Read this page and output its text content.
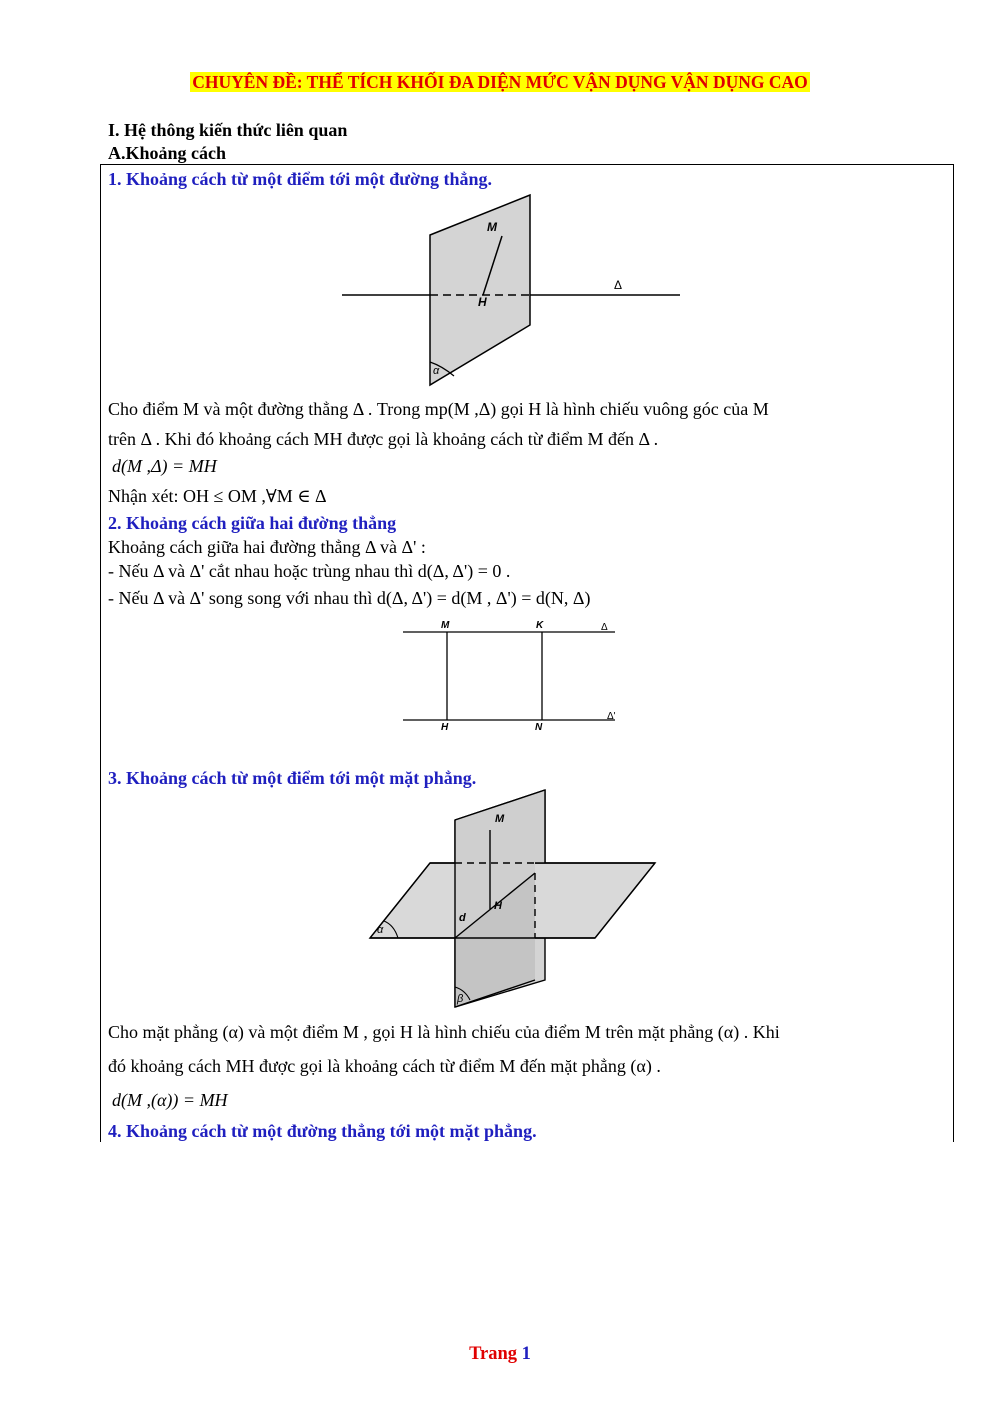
CHUYÊN ĐỀ: THỂ TÍCH KHỐI ĐA DIỆN MỨC VẬN DỤNG VẬN DỤNG CAO
I. Hệ thông kiến thức liên quan
A.Khoảng cách
1. Khoảng cách từ một điểm tới một đường thẳng.
M
H
Δ
α
Cho điểm M và một đường thẳng Δ . Trong mp(M ,Δ) gọi H là hình chiếu vuông góc của M
trên Δ . Khi đó khoảng cách MH được gọi là khoảng cách từ điểm M đến Δ .
d(M ,Δ) = MH
Nhận xét: OH ≤ OM ,∀M ∈ Δ
2. Khoảng cách giữa hai đường thẳng
Khoảng cách giữa hai đường thẳng Δ và Δ' :
- Nếu Δ và Δ' cắt nhau hoặc trùng nhau thì d(Δ, Δ') = 0 .
- Nếu Δ và Δ' song song với nhau thì d(Δ, Δ') = d(M , Δ') = d(N, Δ)
M	K
H	N
Δ
Δ'
3. Khoảng cách từ một điểm tới một mặt phẳng.
M
H
d
α
β
Cho mặt phẳng (α) và một điểm M , gọi H là hình chiếu của điểm M trên mặt phẳng (α) . Khi
đó khoảng cách MH được gọi là khoảng cách từ điểm M đến mặt phẳng (α) .
d(M ,(α)) = MH
4. Khoảng cách từ một đường thẳng tới một mặt phẳng.
Trang 1
